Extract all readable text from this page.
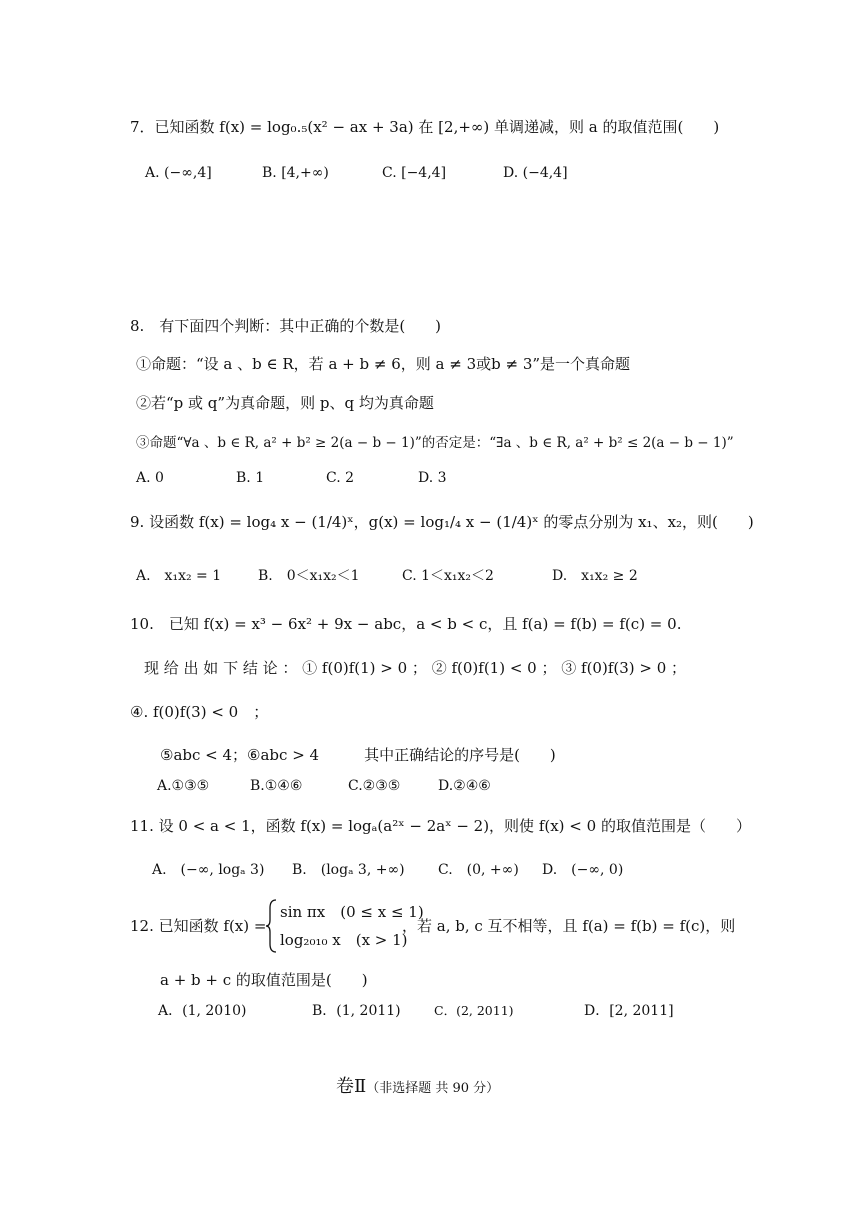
7．已知函数 f(x) = log₀.₅(x² − ax + 3a) 在 [2,+∞) 单调递减，则 a 的取值范围(　　)
A. (−∞,4]	B. [4,+∞)	C. [−4,4]	D. (−4,4]
8.　有下面四个判断：其中正确的个数是(　　)
①命题：“设 a 、b ∈ R，若 a + b ≠ 6，则 a ≠ 3或b ≠ 3”是一个真命题
②若“p 或 q”为真命题，则 p、q 均为真命题
③命题“∀a 、b ∈ R, a² + b² ≥ 2(a − b − 1)”的否定是：“∃a 、b ∈ R, a² + b² ≤ 2(a − b − 1)”
A. 0	B. 1	C. 2	D. 3
9. 设函数 f(x) = log₄ x − (1/4)ˣ，g(x) = log₁/₄ x − (1/4)ˣ 的零点分别为 x₁、x₂，则(　　)
A.　x₁x₂ = 1	B.　0＜x₁x₂＜1	C. 1＜x₁x₂＜2	D.　x₁x₂ ≥ 2
10.　已知 f(x) = x³ − 6x² + 9x − abc，a < b < c，且 f(a) = f(b) = f(c) = 0.
现 给 出 如 下 结 论 ： ① f(0)f(1) > 0 ； ② f(0)f(1) < 0 ； ③ f(0)f(3) > 0 ；
④. f(0)f(3) < 0　；
⑤abc < 4；⑥abc > 4　　　其中正确结论的序号是(　　)
A.①③⑤	B.①④⑥	C.②③⑤	D.②④⑥
11. 设 0 < a < 1，函数 f(x) = logₐ(a²ˣ − 2aˣ − 2)，则使 f(x) < 0 的取值范围是（　　）
A.　(−∞, logₐ 3) B.　(logₐ 3, +∞) C.　(0, +∞) D.　(−∞, 0)
12. 已知函数 f(x) =
sin πx　(0 ≤ x ≤ 1)
log₂₀₁₀ x　(x > 1)
，若 a, b, c 互不相等，且 f(a) = f(b) = f(c)，则
a + b + c 的取值范围是(　　)
A．(1, 2010)	B．(1, 2011)	C．(2, 2011)	D．[2, 2011]
卷Ⅱ（非选择题 共 90 分）
